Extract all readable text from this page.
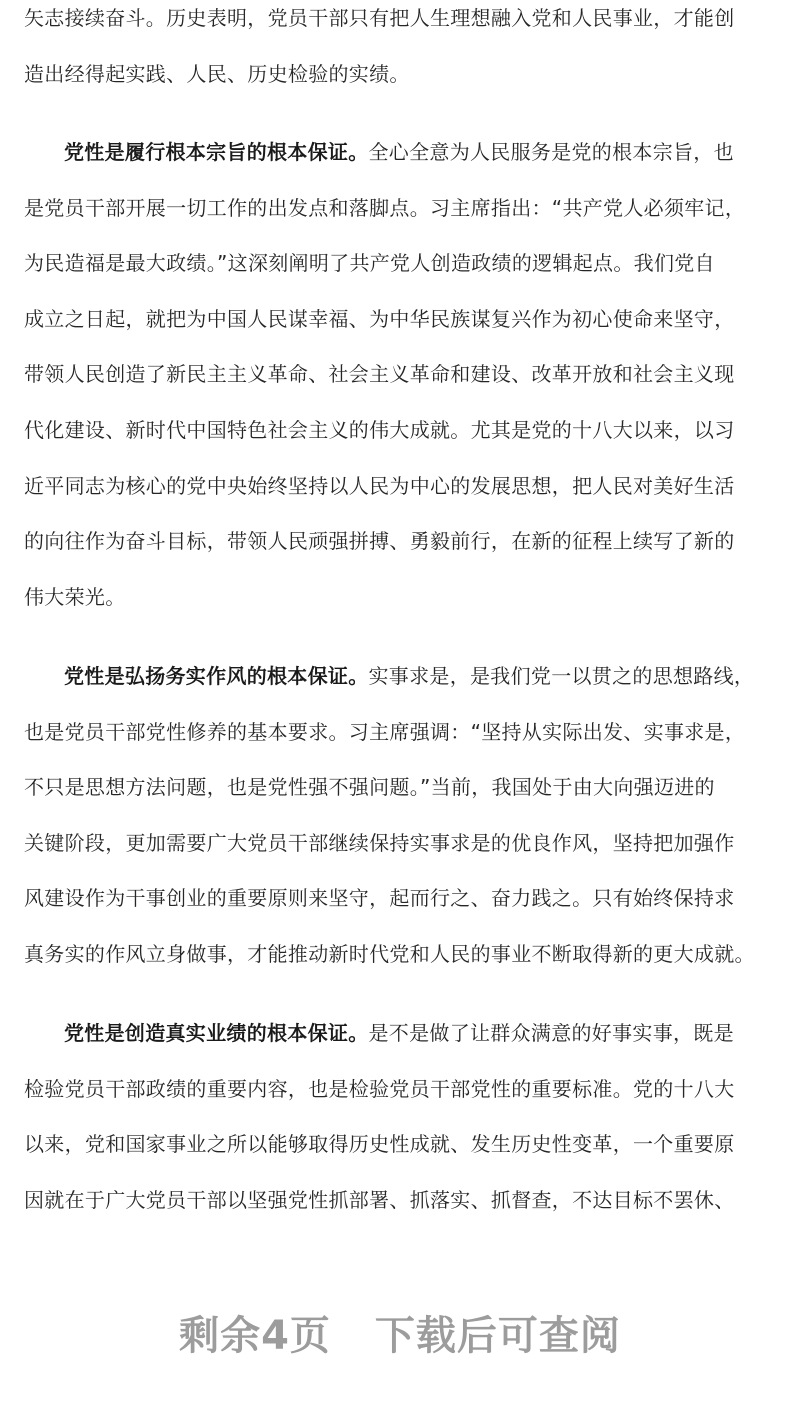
矢志接续奋斗。历史表明，党员干部只有把人生理想融入党和人民事业，才能创
造出经得起实践、人民、历史检验的实绩。
党性是履行根本宗旨的根本保证。全心全意为人民服务是党的根本宗旨，也
是党员干部开展一切工作的出发点和落脚点。习主席指出：“共产党人必须牢记，
为民造福是最大政绩。”这深刻阐明了共产党人创造政绩的逻辑起点。我们党自
成立之日起，就把为中国人民谋幸福、为中华民族谋复兴作为初心使命来坚守，
带领人民创造了新民主主义革命、社会主义革命和建设、改革开放和社会主义现
代化建设、新时代中国特色社会主义的伟大成就。尤其是党的十八大以来，以习
近平同志为核心的党中央始终坚持以人民为中心的发展思想，把人民对美好生活
的向往作为奋斗目标，带领人民顽强拼搏、勇毅前行，在新的征程上续写了新的
伟大荣光。
党性是弘扬务实作风的根本保证。实事求是，是我们党一以贯之的思想路线，
也是党员干部党性修养的基本要求。习主席强调：“坚持从实际出发、实事求是，
不只是思想方法问题，也是党性强不强问题。”当前，我国处于由大向强迈进的
关键阶段，更加需要广大党员干部继续保持实事求是的优良作风，坚持把加强作
风建设作为干事创业的重要原则来坚守，起而行之、奋力践之。只有始终保持求
真务实的作风立身做事，才能推动新时代党和人民的事业不断取得新的更大成就。
党性是创造真实业绩的根本保证。是不是做了让群众满意的好事实事，既是
检验党员干部政绩的重要内容，也是检验党员干部党性的重要标准。党的十八大
以来，党和国家事业之所以能够取得历史性成就、发生历史性变革，一个重要原
因就在于广大党员干部以坚强党性抓部署、抓落实、抓督查，不达目标不罢休、
剩余4页 下载后可查阅
